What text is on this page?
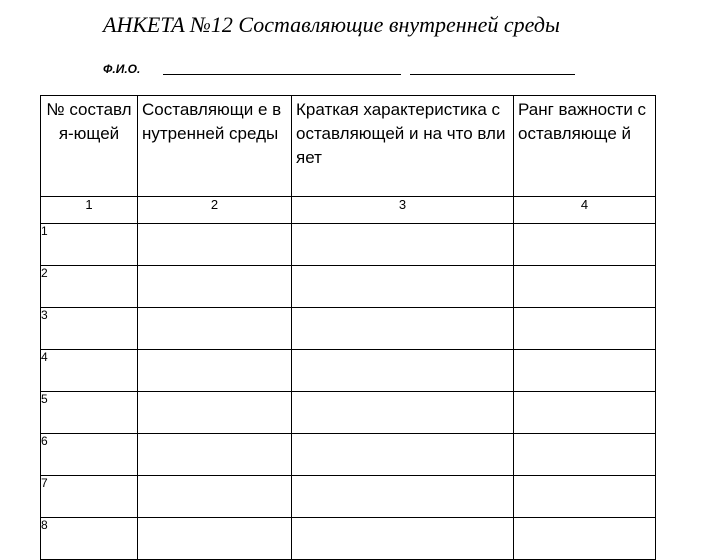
АНКЕТА №12 Составляющие внутренней среды
Ф.И.О.
№ составл я-ющей	Составляющи е внутренней среды	Краткая характеристика составляющей и на что влияет	Ранг важности составляюще й

1	2	3	4
1			
2			
3			
4			
5			
6			
7			
8			
